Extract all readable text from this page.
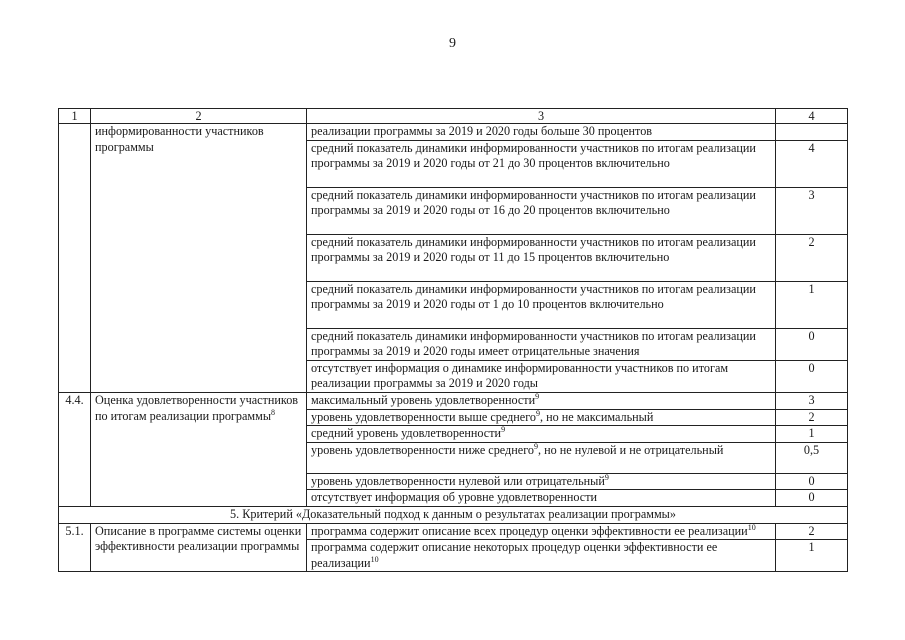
9
1	2	3	4
	информированности участников программы	реализации программы за 2019 и 2020 годы больше 30 процентов	
		средний показатель динамики информированности участников по итогам реализации программы за 2019 и 2020 годы от 21 до 30 процентов включительно	4
		средний показатель динамики информированности участников по итогам реализации программы за 2019 и 2020 годы от 16 до 20 процентов включительно	3
		средний показатель динамики информированности участников по итогам реализации программы за 2019 и 2020 годы от 11 до 15 процентов включительно	2
		средний показатель динамики информированности участников по итогам реализации программы за 2019 и 2020 годы от 1 до 10 процентов включительно	1
		средний показатель динамики информированности участников по итогам реализации программы за 2019 и 2020 годы имеет отрицательные значения	0
		отсутствует информация о динамике информированности участников по итогам реализации программы за 2019 и 2020 годы	0
4.4.	Оценка удовлетворенности участников по итогам реализации программы$^8$	максимальный уровень удовлетворенности$^9$	3
		уровень удовлетворенности выше среднего$^9$, но не максимальный	2
		средний уровень удовлетворенности$^9$	1
		уровень удовлетворенности ниже среднего$^9$, но не нулевой и не отрицательный	0,5
		уровень удовлетворенности нулевой или отрицательный$^9$	0
		отсутствует информация об уровне удовлетворенности	0
5. Критерий «Доказательный подход к данным о результатах реализации программы»			
5.1.	Описание в программе системы оценки эффективности реализации программы	программа содержит описание всех процедур оценки эффективности ее реализации$^{10}$	2
		программа содержит описание некоторых процедур оценки эффективности ее реализации$^{10}$	1
